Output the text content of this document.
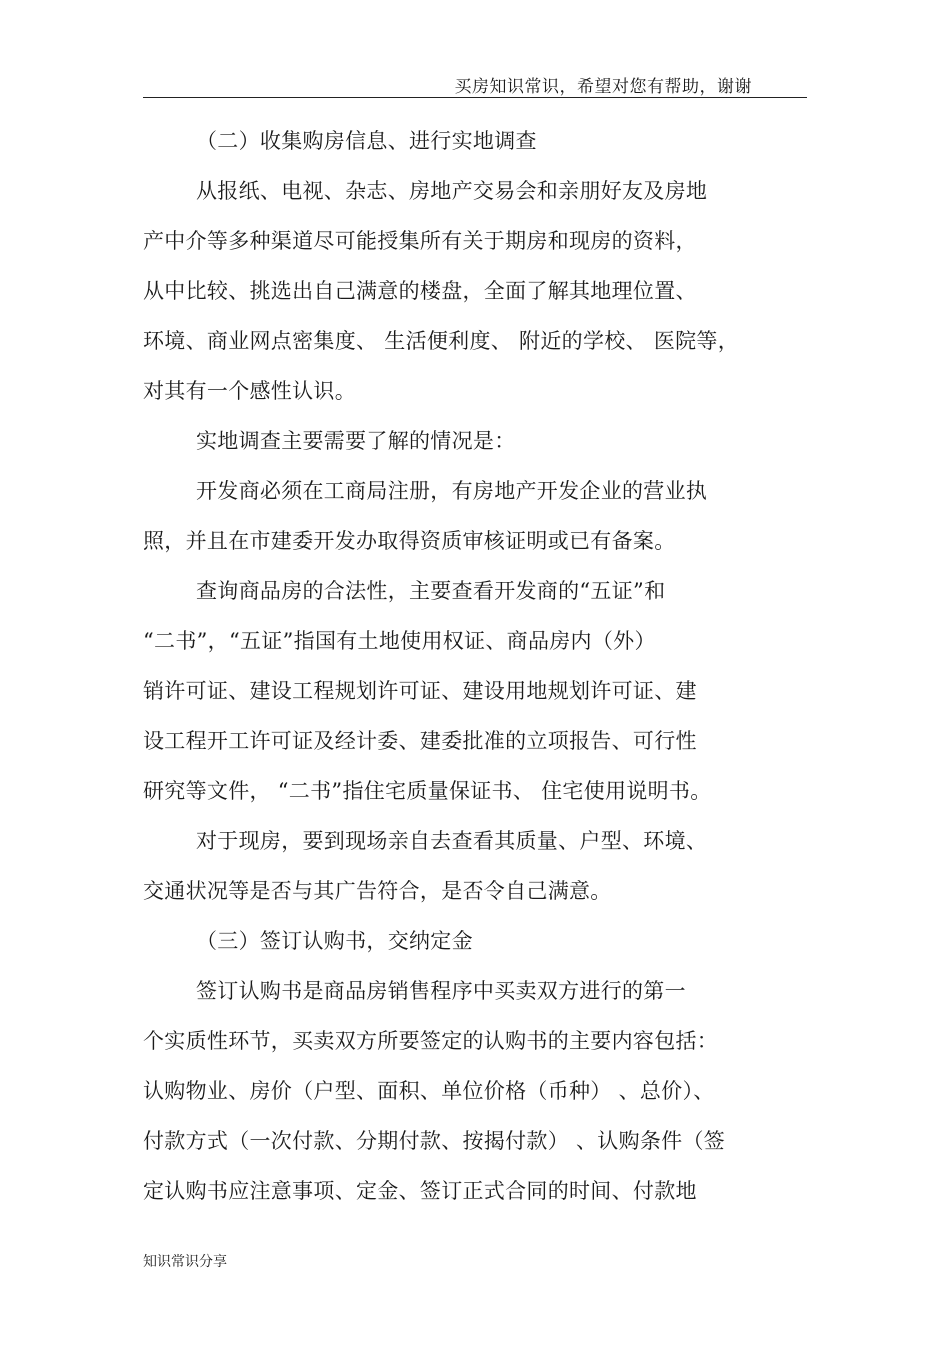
买房知识常识，希望对您有帮助，谢谢
（二）收集购房信息、进行实地调查
从报纸、电视、杂志、房地产交易会和亲朋好友及房地
产中介等多种渠道尽可能授集所有关于期房和现房的资料，
从中比较、挑选出自己满意的楼盘，全面了解其地理位置、
环境、商业网点密集度、 生活便利度、 附近的学校、 医院等，
对其有一个感性认识。
实地调查主要需要了解的情况是：
开发商必须在工商局注册，有房地产开发企业的营业执
照，并且在市建委开发办取得资质审核证明或已有备案。
查询商品房的合法性，主要查看开发商的“五证”和
“二书”，“五证”指国有土地使用权证、商品房内（外）
销许可证、建设工程规划许可证、建设用地规划许可证、建
设工程开工许可证及经计委、建委批准的立项报告、可行性
研究等文件， “二书”指住宅质量保证书、 住宅使用说明书。
对于现房，要到现场亲自去查看其质量、户型、环境、
交通状况等是否与其广告符合，是否令自己满意。
（三）签订认购书，交纳定金
签订认购书是商品房销售程序中买卖双方进行的第一
个实质性环节，买卖双方所要签定的认购书的主要内容包括：
认购物业、房价（户型、面积、单位价格（币种） 、总价）、
付款方式（一次付款、分期付款、按揭付款） 、认购条件（签
定认购书应注意事项、定金、签订正式合同的时间、付款地
知识常识分享
